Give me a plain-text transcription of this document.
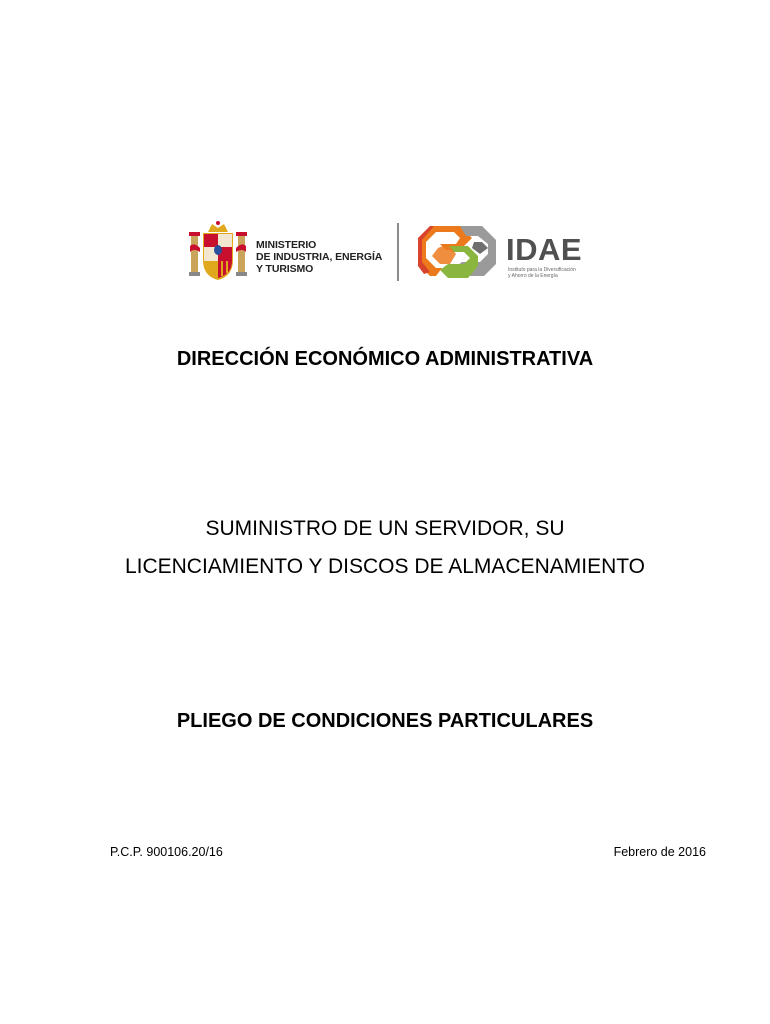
MINISTERIO
DE INDUSTRIA, ENERGÍA
Y TURISMO
IDAE
Instituto para la Diversificación
y Ahorro de la Energía
DIRECCIÓN ECONÓMICO ADMINISTRATIVA
SUMINISTRO DE UN SERVIDOR, SU
LICENCIAMIENTO Y DISCOS DE ALMACENAMIENTO
PLIEGO DE CONDICIONES PARTICULARES
P.C.P. 900106.20/16	Febrero de 2016
